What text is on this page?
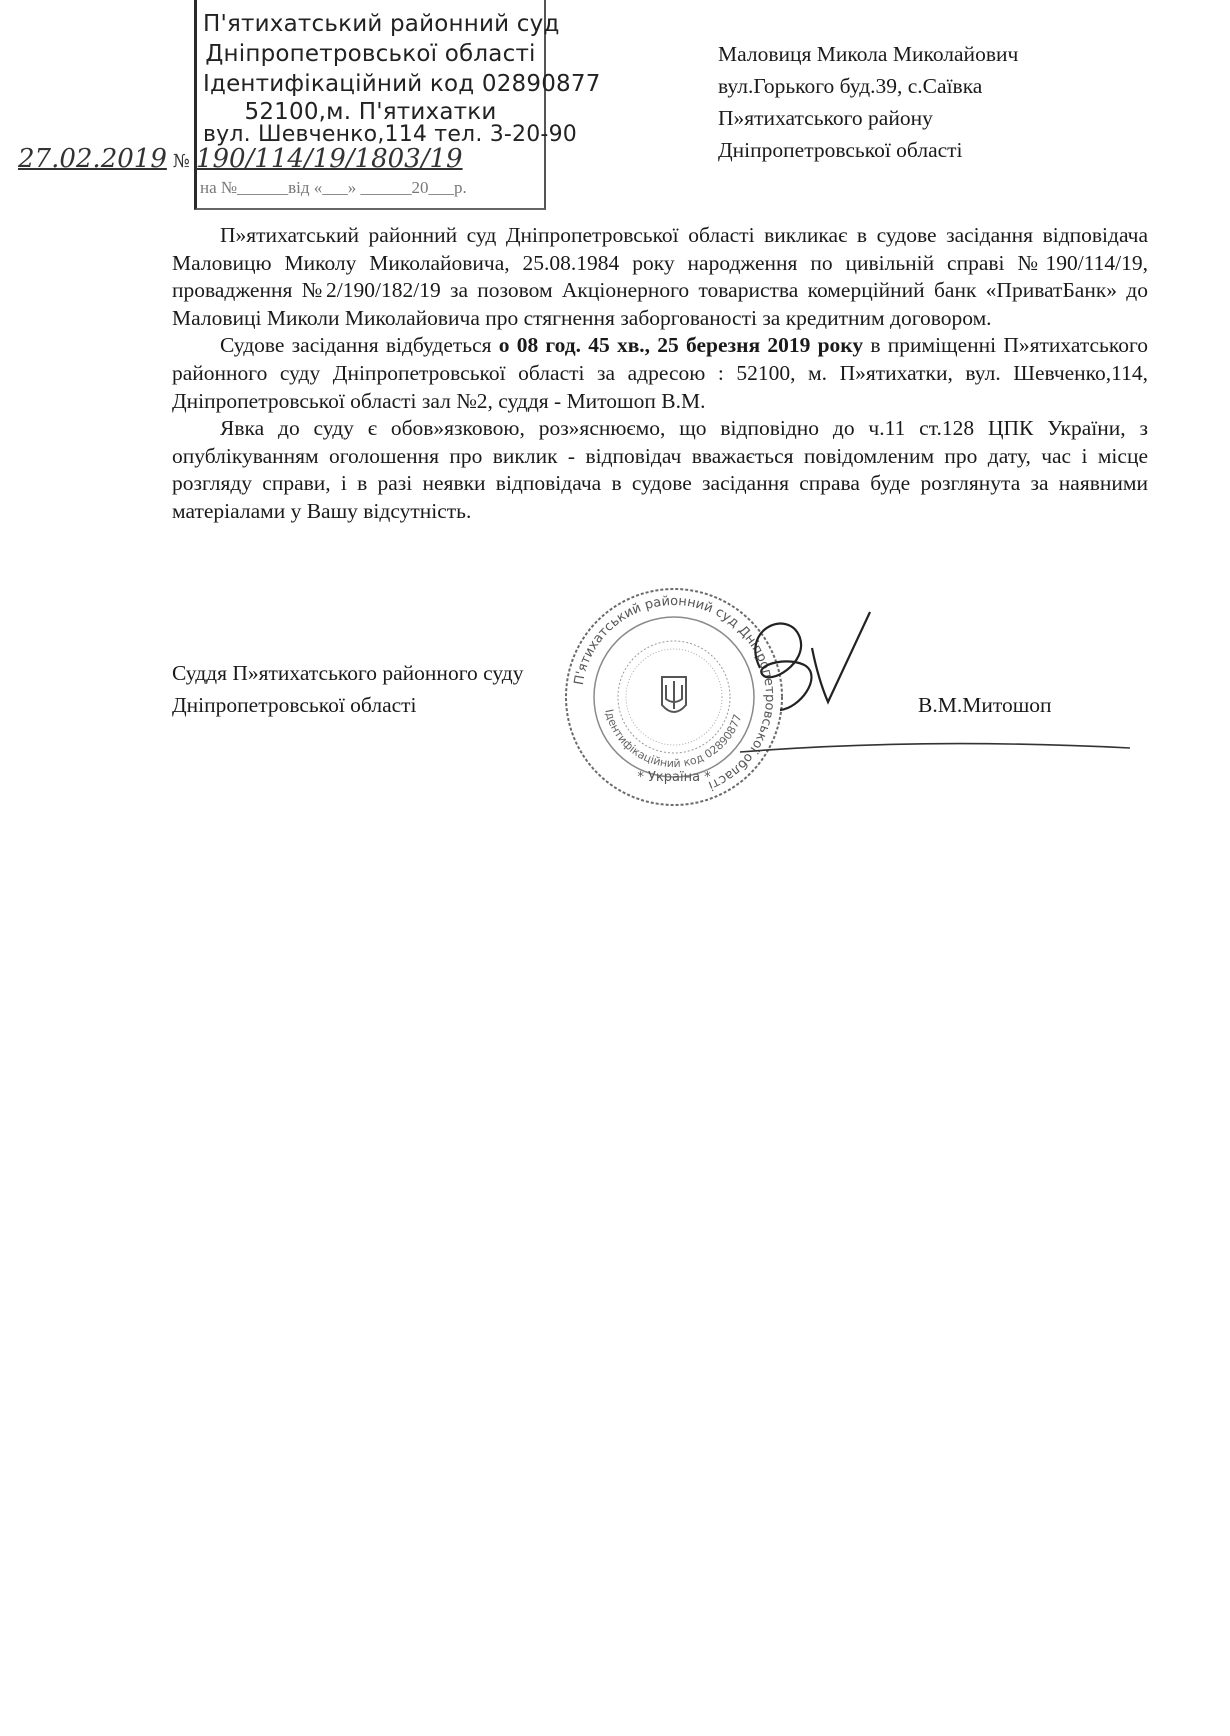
П'ятихатський районний суд
Дніпропетровської області
Ідентифікаційний код 02890877
52100,м. П'ятихатки
вул. Шевченко,114 тел. 3-20-90
27.02.2019 № 190/114/19/1803/19
на №______від «___» ______20___р.
Маловиця Микола Миколайович
вул.Горького буд.39, с.Саївка
П»ятихатського району
Дніпропетровської області

П»ятихатський районний суд Дніпропетровської області викликає в судове засідання відповідача Маловицю Миколу Миколайовича, 25.08.1984 року народження по цивільній справі №190/114/19, провадження №2/190/182/19 за позовом Акціонерного товариства комерційний банк «ПриватБанк» до Маловиці Миколи Миколайовича про стягнення заборгованості за кредитним договором.

Судове засідання відбудеться о 08 год. 45 хв., 25 березня 2019 року в приміщенні П»ятихатського районного суду Дніпропетровської області за адресою : 52100, м. П»ятихатки, вул. Шевченко,114, Дніпропетровської області зал №2, суддя - Митошоп В.М.

Явка до суду є обов»язковою, роз»яснюємо, що відповідно до ч.11 ст.128 ЦПК України, з опублікуванням оголошення про виклик - відповідач вважається повідомленим про дату, час і місце розгляду справи, і в разі неявки відповідача в судове засідання справа буде розглянута за наявними матеріалами у Вашу відсутність.

П'ятихатський районний суд Дніпропетровської області
Ідентифікаційний код 02890877
* Україна *
Суддя П»ятихатського районного суду
Дніпропетровської області	В.М.Митошоп
